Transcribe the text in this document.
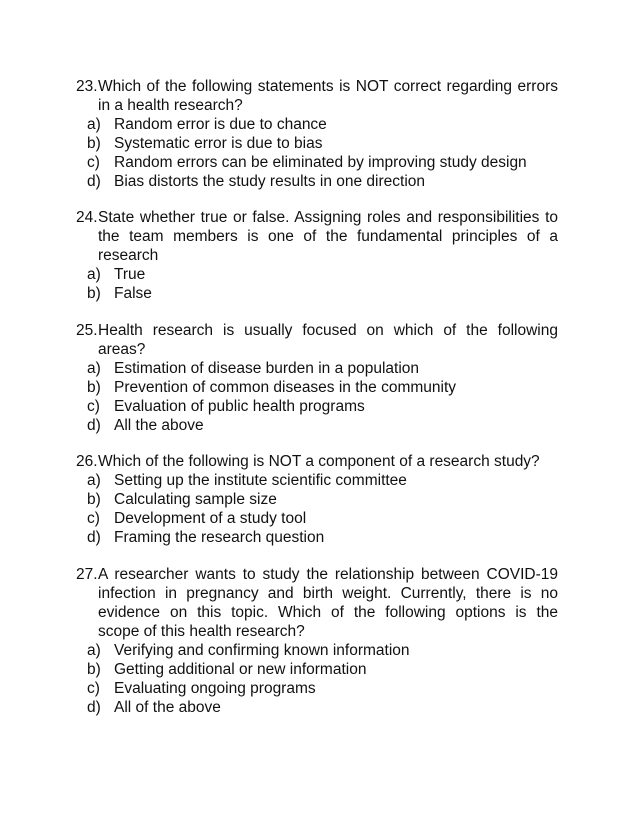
23. Which of the following statements is NOT correct regarding errors
in a health research?
a) Random error is due to chance
b) Systematic error is due to bias
c) Random errors can be eliminated by improving study design
d) Bias distorts the study results in one direction
24. State whether true or false. Assigning roles and responsibilities to
the team members is one of the fundamental principles of a
research
a) True
b) False
25. Health research is usually focused on which of the following
areas?
a) Estimation of disease burden in a population
b) Prevention of common diseases in the community
c) Evaluation of public health programs
d) All the above
26. Which of the following is NOT a component of a research study?
a) Setting up the institute scientific committee
b) Calculating sample size
c) Development of a study tool
d) Framing the research question
27. A researcher wants to study the relationship between COVID-19
infection in pregnancy and birth weight. Currently, there is no
evidence on this topic. Which of the following options is the
scope of this health research?
a) Verifying and confirming known information
b) Getting additional or new information
c) Evaluating ongoing programs
d) All of the above
